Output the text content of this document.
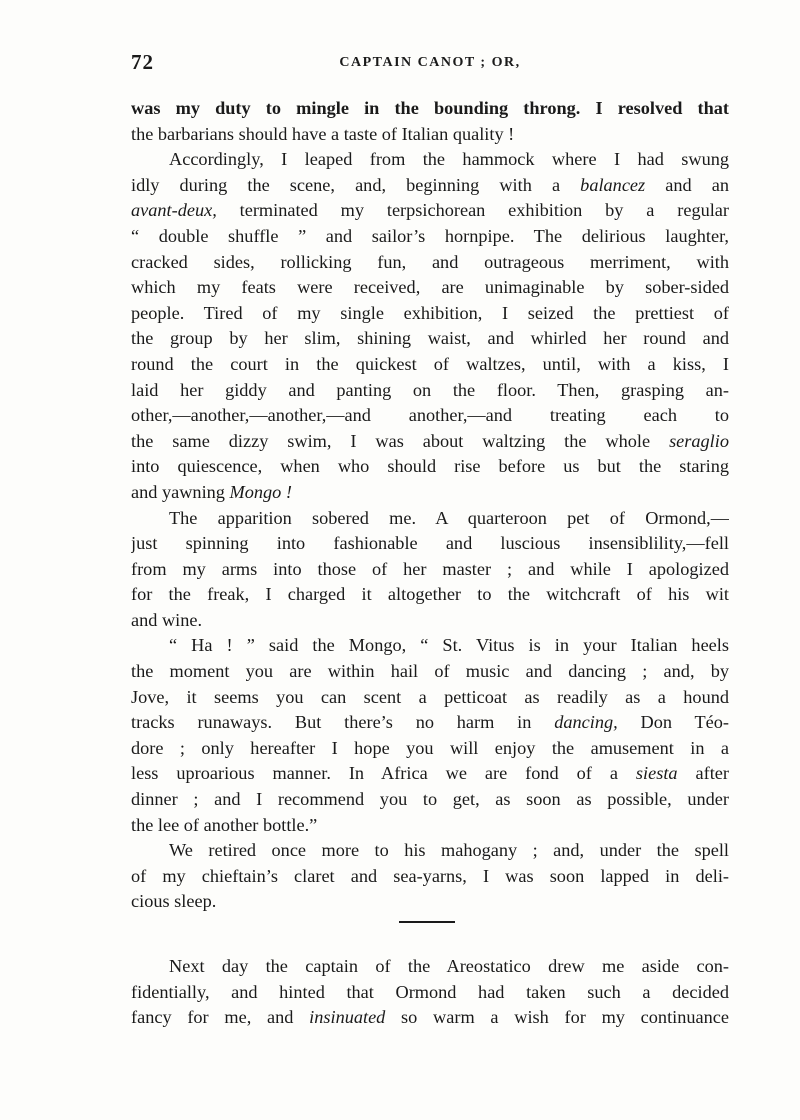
72	CAPTAIN CANOT ; OR,
was my duty to mingle in the bounding throng. I resolved that
the barbarians should have a taste of Italian quality !
Accordingly, I leaped from the hammock where I had swung
idly during the scene, and, beginning with a balancez and an
avant-deux, terminated my terpsichorean exhibition by a regular
“ double shuffle ” and sailor’s hornpipe. The delirious laughter,
cracked sides, rollicking fun, and outrageous merriment, with
which my feats were received, are unimaginable by sober-sided
people. Tired of my single exhibition, I seized the prettiest of
the group by her slim, shining waist, and whirled her round and
round the court in the quickest of waltzes, until, with a kiss, I
laid her giddy and panting on the floor. Then, grasping an-
other,—another,—another,—and another,—and treating each to
the same dizzy swim, I was about waltzing the whole seraglio
into quiescence, when who should rise before us but the staring
and yawning Mongo !
The apparition sobered me. A quarteroon pet of Ormond,—
just spinning into fashionable and luscious insensiblility,—fell
from my arms into those of her master ; and while I apologized
for the freak, I charged it altogether to the witchcraft of his wit
and wine.
“ Ha ! ” said the Mongo, “ St. Vitus is in your Italian heels
the moment you are within hail of music and dancing ; and, by
Jove, it seems you can scent a petticoat as readily as a hound
tracks runaways. But there’s no harm in dancing, Don Téo-
dore ; only hereafter I hope you will enjoy the amusement in a
less uproarious manner. In Africa we are fond of a siesta after
dinner ; and I recommend you to get, as soon as possible, under
the lee of another bottle.”
We retired once more to his mahogany ; and, under the spell
of my chieftain’s claret and sea-yarns, I was soon lapped in deli-
cious sleep.
Next day the captain of the Areostatico drew me aside con-
fidentially, and hinted that Ormond had taken such a decided
fancy for me, and insinuated so warm a wish for my continuance
